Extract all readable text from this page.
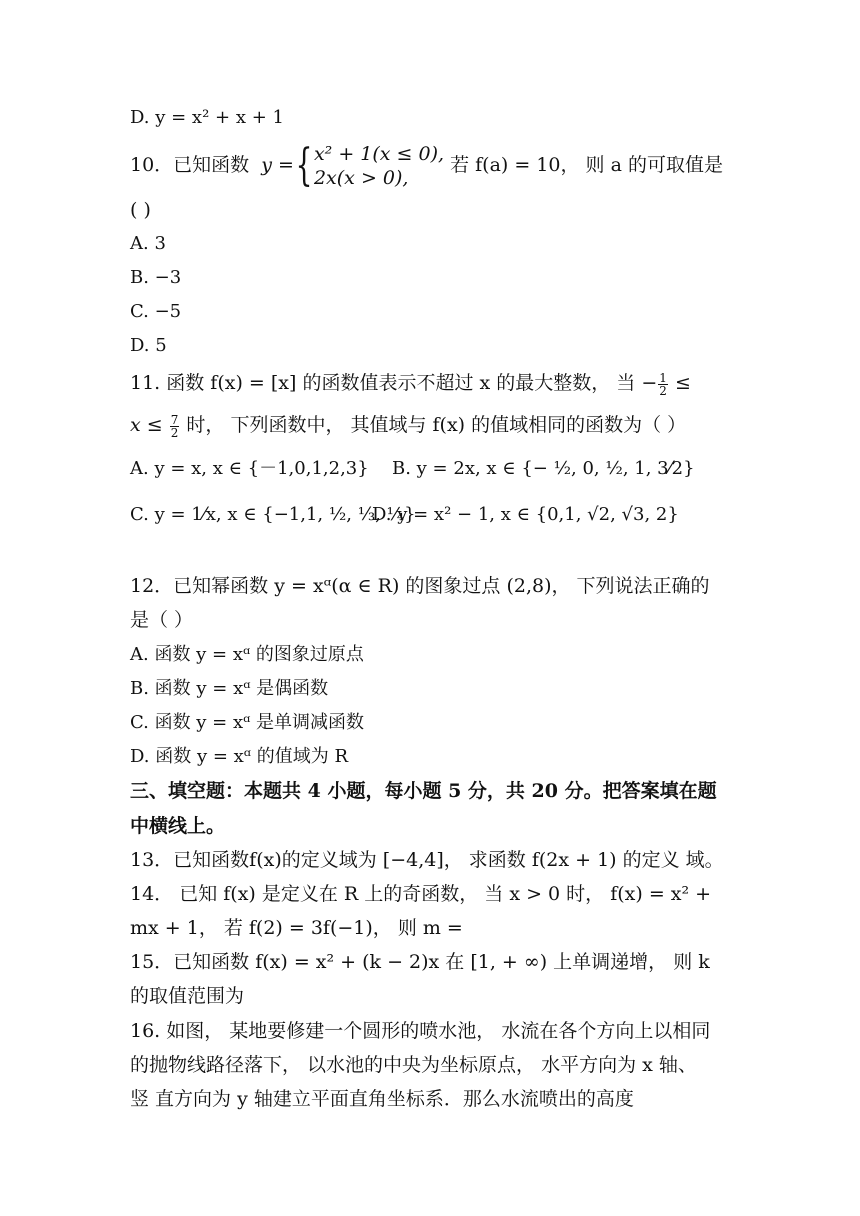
D. y = x² + x + 1
10．已知函数  y ={ x² + 1(x ≤ 0),
2x(x > 0),
若 f(a) = 10， 则 a 的可取值是
( )
A. 3
B. −3
C. −5
D. 5
11. 函数 f(x) = [x] 的函数值表示不超过 x 的最大整数， 当 − $\frac{1}{2}$ ≤
$x \le \frac{7}{2}$ 时， 下列函数中， 其值域与 f(x) 的值域相同的函数为（ ）
A. y = x, x ∈ {－1,0,1,2,3} B. y = 2x, x ∈ {− ½, 0, ½, 1, 3⁄2}
C. y = 1⁄x, x ∈ {−1,1, ½, ⅓, ¼}
D. y = x² − 1, x ∈ {0,1, √2, √3, 2}
12．已知幂函数 y = xᵅ(α ∈ R) 的图象过点 (2,8)， 下列说法正确的
是（ ）
A. 函数 y = xᵅ 的图象过原点
B. 函数 y = xᵅ 是偶函数
C. 函数 y = xᵅ 是单调减函数
D. 函数 y = xᵅ 的值域为 R
三、填空题：本题共 4 小题，每小题 5 分，共 20 分。把答案填在题
中横线上。
13．已知函数f(x)的定义域为 [−4,4]， 求函数 f(2x + 1) 的定义 域。
14． 已知 f(x) 是定义在 R 上的奇函数， 当 x > 0 时， f(x) = x² +
mx + 1， 若 f(2) = 3f(−1)， 则 m =
15．已知函数 f(x) = x² + (k − 2)x 在 [1, + ∞) 上单调递增， 则 k
的取值范围为
16. 如图， 某地要修建一个圆形的喷水池， 水流在各个方向上以相同
的抛物线路径落下， 以水池的中央为坐标原点， 水平方向为 x 轴、
竖 直方向为 y 轴建立平面直角坐标系．那么水流喷出的高度
